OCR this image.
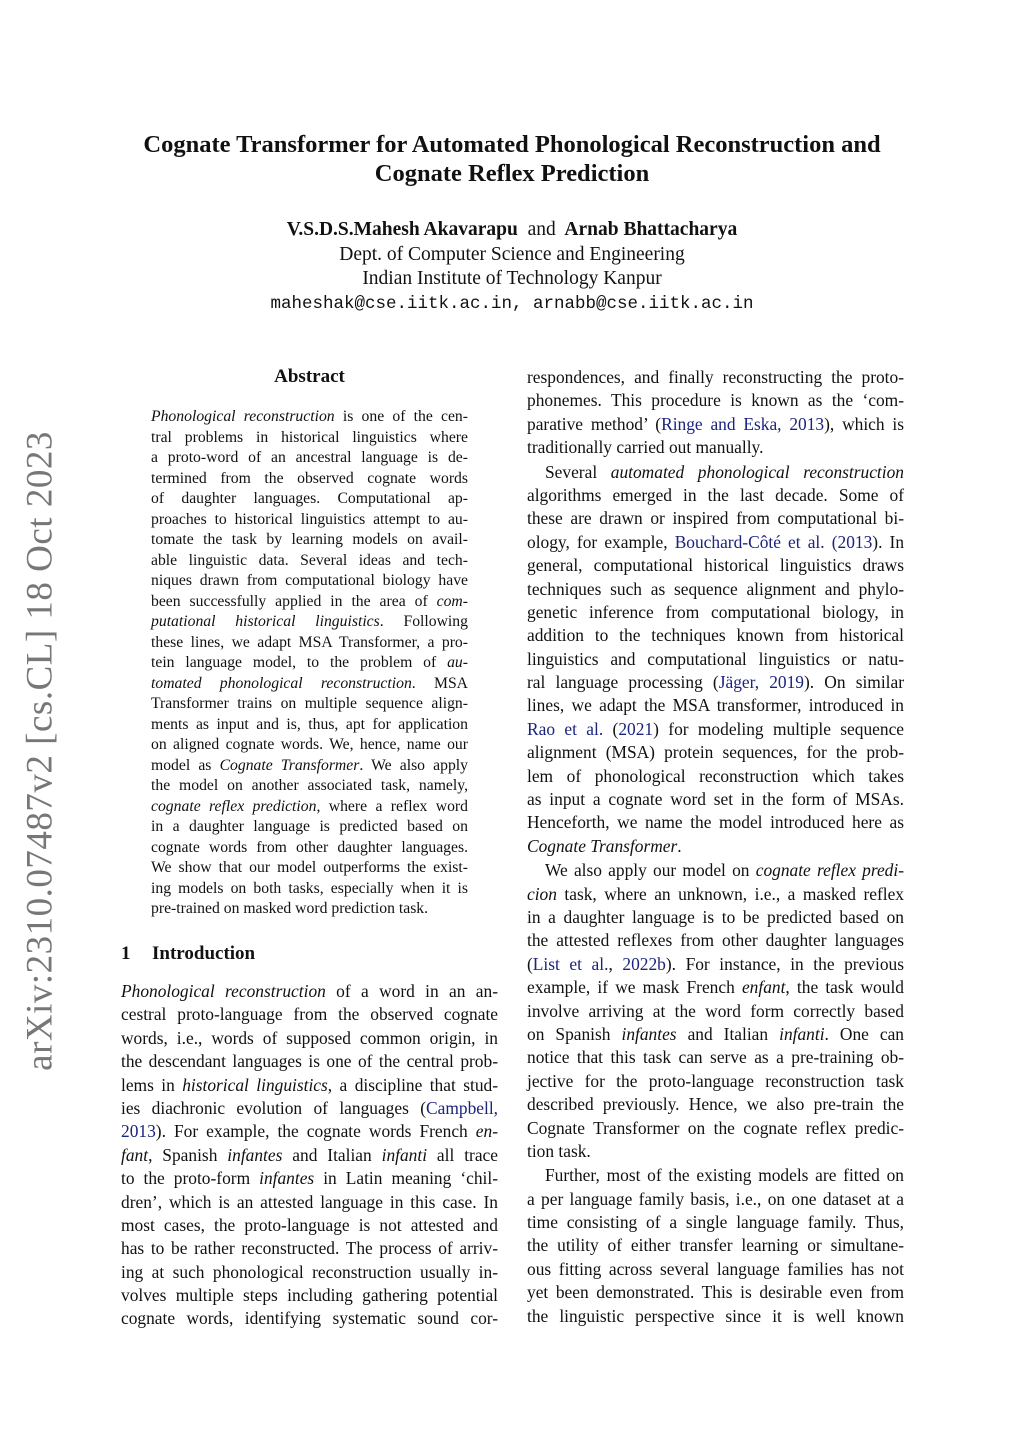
arXiv:2310.07487v2 [cs.CL] 18 Oct 2023
Cognate Transformer for Automated Phonological Reconstruction and
Cognate Reflex Prediction
V.S.D.S.Mahesh Akavarapu and Arnab Bhattacharya
Dept. of Computer Science and Engineering
Indian Institute of Technology Kanpur
maheshak@cse.iitk.ac.in, arnabb@cse.iitk.ac.in
Abstract
Phonological reconstruction is one of the cen-
tral problems in historical linguistics where
a proto-word of an ancestral language is de-
termined from the observed cognate words
of daughter languages. Computational ap-
proaches to historical linguistics attempt to au-
tomate the task by learning models on avail-
able linguistic data. Several ideas and tech-
niques drawn from computational biology have
been successfully applied in the area of com-
putational historical linguistics. Following
these lines, we adapt MSA Transformer, a pro-
tein language model, to the problem of au-
tomated phonological reconstruction. MSA
Transformer trains on multiple sequence align-
ments as input and is, thus, apt for application
on aligned cognate words. We, hence, name our
model as Cognate Transformer. We also apply
the model on another associated task, namely,
cognate reflex prediction, where a reflex word
in a daughter language is predicted based on
cognate words from other daughter languages.
We show that our model outperforms the exist-
ing models on both tasks, especially when it is
pre-trained on masked word prediction task.
1 Introduction
Phonological reconstruction of a word in an an-
cestral proto-language from the observed cognate
words, i.e., words of supposed common origin, in
the descendant languages is one of the central prob-
lems in historical linguistics, a discipline that stud-
ies diachronic evolution of languages (Campbell,
2013). For example, the cognate words French en-
fant, Spanish infantes and Italian infanti all trace
to the proto-form infantes in Latin meaning ‘chil-
dren’, which is an attested language in this case. In
most cases, the proto-language is not attested and
has to be rather reconstructed. The process of arriv-
ing at such phonological reconstruction usually in-
volves multiple steps including gathering potential
cognate words, identifying systematic sound cor-
respondences, and finally reconstructing the proto-
phonemes. This procedure is known as the ‘com-
parative method’ (Ringe and Eska, 2013), which is
traditionally carried out manually.
Several automated phonological reconstruction
algorithms emerged in the last decade. Some of
these are drawn or inspired from computational bi-
ology, for example, Bouchard-Côté et al. (2013). In
general, computational historical linguistics draws
techniques such as sequence alignment and phylo-
genetic inference from computational biology, in
addition to the techniques known from historical
linguistics and computational linguistics or natu-
ral language processing (Jäger, 2019). On similar
lines, we adapt the MSA transformer, introduced in
Rao et al. (2021) for modeling multiple sequence
alignment (MSA) protein sequences, for the prob-
lem of phonological reconstruction which takes
as input a cognate word set in the form of MSAs.
Henceforth, we name the model introduced here as
Cognate Transformer.
We also apply our model on cognate reflex predi-
cion task, where an unknown, i.e., a masked reflex
in a daughter language is to be predicted based on
the attested reflexes from other daughter languages
(List et al., 2022b). For instance, in the previous
example, if we mask French enfant, the task would
involve arriving at the word form correctly based
on Spanish infantes and Italian infanti. One can
notice that this task can serve as a pre-training ob-
jective for the proto-language reconstruction task
described previously. Hence, we also pre-train the
Cognate Transformer on the cognate reflex predic-
tion task.
Further, most of the existing models are fitted on
a per language family basis, i.e., on one dataset at a
time consisting of a single language family. Thus,
the utility of either transfer learning or simultane-
ous fitting across several language families has not
yet been demonstrated. This is desirable even from
the linguistic perspective since it is well known
